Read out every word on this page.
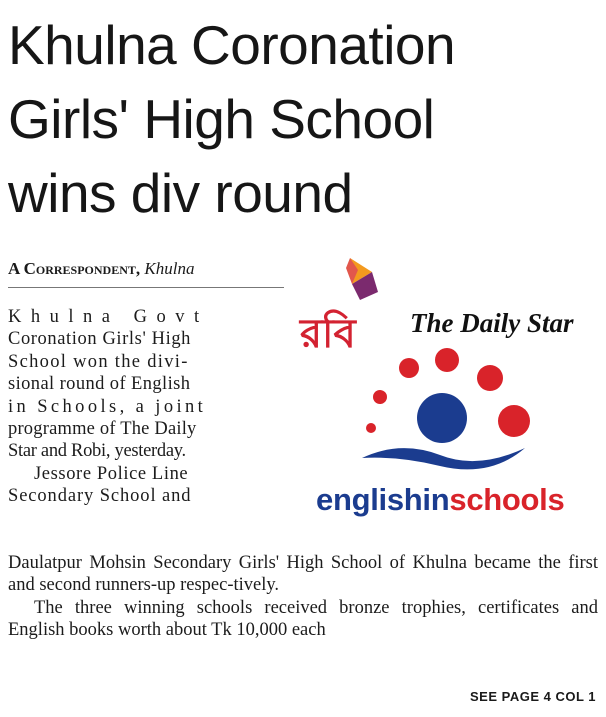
Khulna Coronation
Girls' High School
wins div round
A Correspondent, Khulna

Khulna Govt
Coronation Girls' High
School won the divi-
sional round of English
in Schools, a joint
programme of The Daily
Star and Robi, yesterday.

Jessore Police Line
Secondary School and

Daulatpur Mohsin Secondary Girls' High School of Khulna became the first and second runners-up respec-tively.

The three winning schools received bronze trophies, certificates and English books worth about Tk 10,000 each

SEE PAGE 4 COL 1
রবি The Daily Star
englishinschools
